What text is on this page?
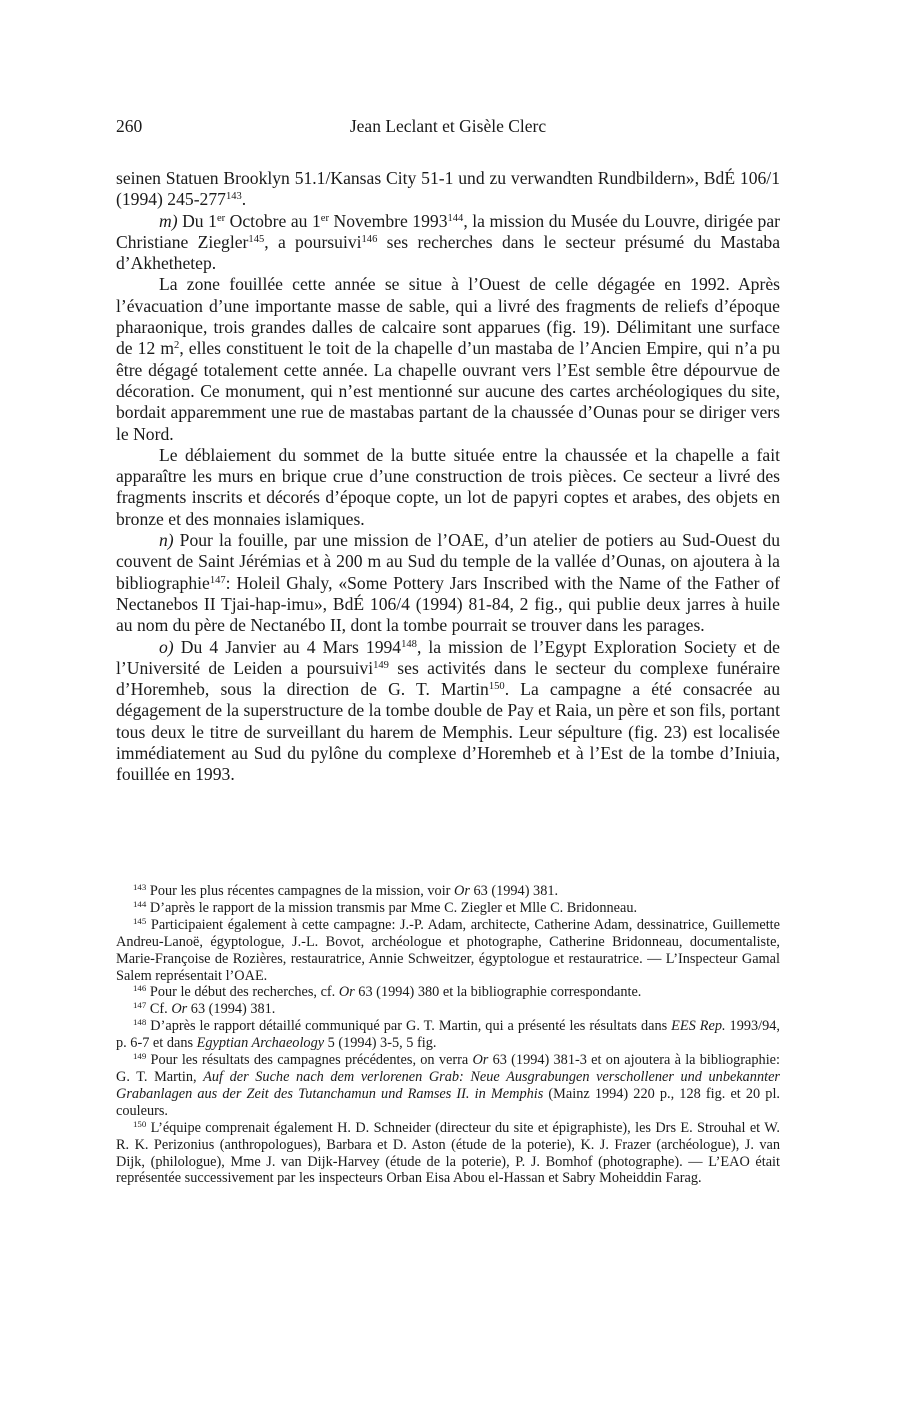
260	Jean Leclant et Gisèle Clerc

seinen Statuen Brooklyn 51.1/Kansas City 51-1 und zu verwandten Rundbildern», BdÉ 106/1 (1994) $245-277^{143}$.

m) Du 1er Octobre au 1er Novembre 1993$^{144}$, la mission du Musée du Louvre, dirigée par Christiane Ziegler$^{145}$, a poursuivi$^{146}$ ses recherches dans le secteur présumé du Mastaba d’Akhethetep.

La zone fouillée cette année se situe à l’Ouest de celle dégagée en 1992. Après l’évacuation d’une importante masse de sable, qui a livré des fragments de reliefs d’époque pharaonique, trois grandes dalles de calcaire sont apparues (fig. 19). Délimitant une surface de 12 $m^2$, elles constituent le toit de la chapelle d’un mastaba de l’Ancien Empire, qui n’a pu être dégagé totalement cette année. La chapelle ouvrant vers l’Est semble être dépourvue de décoration. Ce monument, qui n’est mentionné sur aucune des cartes archéologiques du site, bordait apparemment une rue de mastabas partant de la chaussée d’Ounas pour se diriger vers le Nord.

Le déblaiement du sommet de la butte située entre la chaussée et la chapelle a fait apparaître les murs en brique crue d’une construction de trois pièces. Ce secteur a livré des fragments inscrits et décorés d’époque copte, un lot de papyri coptes et arabes, des objets en bronze et des monnaies islamiques.

n) Pour la fouille, par une mission de l’OAE, d’un atelier de potiers au Sud-Ouest du couvent de Saint Jérémias et à 200 m au Sud du temple de la vallée d’Ounas, on ajoutera à la bibliographie$^{147}$: Holeil Ghaly, «Some Pottery Jars Inscribed with the Name of the Father of Nectanebos II Tjai-hap-imu», BdÉ 106/4 (1994) 81-84, 2 fig., qui publie deux jarres à huile au nom du père de Nectanébo II, dont la tombe pourrait se trouver dans les parages.

o) Du 4 Janvier au 4 Mars 1994$^{148}$, la mission de l’Egypt Exploration Society et de l’Université de Leiden a poursuivi$^{149}$ ses activités dans le secteur du complexe funéraire d’Horemheb, sous la direction de G. T. Martin$^{150}$. La campagne a été consacrée au dégagement de la superstructure de la tombe double de Pay et Raia, un père et son fils, portant tous deux le titre de surveillant du harem de Memphis. Leur sépulture (fig. 23) est localisée immédiatement au Sud du pylône du complexe d’Horemheb et à l’Est de la tombe d’Iniuia, fouillée en 1993.

$^{143}$ Pour les plus récentes campagnes de la mission, voir Or 63 (1994) 381.

$^{144}$ D’après le rapport de la mission transmis par Mme C. Ziegler et Mlle C. Bridonneau.

$^{145}$ Participaient également à cette campagne: J.-P. Adam, architecte, Catherine Adam, dessinatrice, Guillemette Andreu-Lanoë, égyptologue, J.-L. Bovot, archéologue et photographe, Catherine Bridonneau, documentaliste, Marie-Françoise de Rozières, restauratrice, Annie Schweitzer, égyptologue et restauratrice. — L’Inspecteur Gamal Salem représentait l’OAE.

$^{146}$ Pour le début des recherches, cf. Or 63 (1994) 380 et la bibliographie correspondante.

$^{147}$ Cf. Or 63 (1994) 381.

$^{148}$ D’après le rapport détaillé communiqué par G. T. Martin, qui a présenté les résultats dans EES Rep. 1993/94, p. 6-7 et dans Egyptian Archaeology 5 (1994) 3-5, 5 fig.

$^{149}$ Pour les résultats des campagnes précédentes, on verra Or 63 (1994) 381-3 et on ajoutera à la bibliographie: G. T. Martin, Auf der Suche nach dem verlorenen Grab: Neue Ausgrabungen verschollener und unbekannter Grabanlagen aus der Zeit des Tutanchamun und Ramses II. in Memphis (Mainz 1994) 220 p., 128 fig. et 20 pl. couleurs.

$^{150}$ L’équipe comprenait également H. D. Schneider (directeur du site et épigraphiste), les Drs E. Strouhal et W. R. K. Perizonius (anthropologues), Barbara et D. Aston (étude de la poterie), K. J. Frazer (archéologue), J. van Dijk, (philologue), Mme J. van Dijk-Harvey (étude de la poterie), P. J. Bomhof (photographe). — L’EAO était représentée successivement par les inspecteurs Orban Eisa Abou el-Hassan et Sabry Moheiddin Farag.
